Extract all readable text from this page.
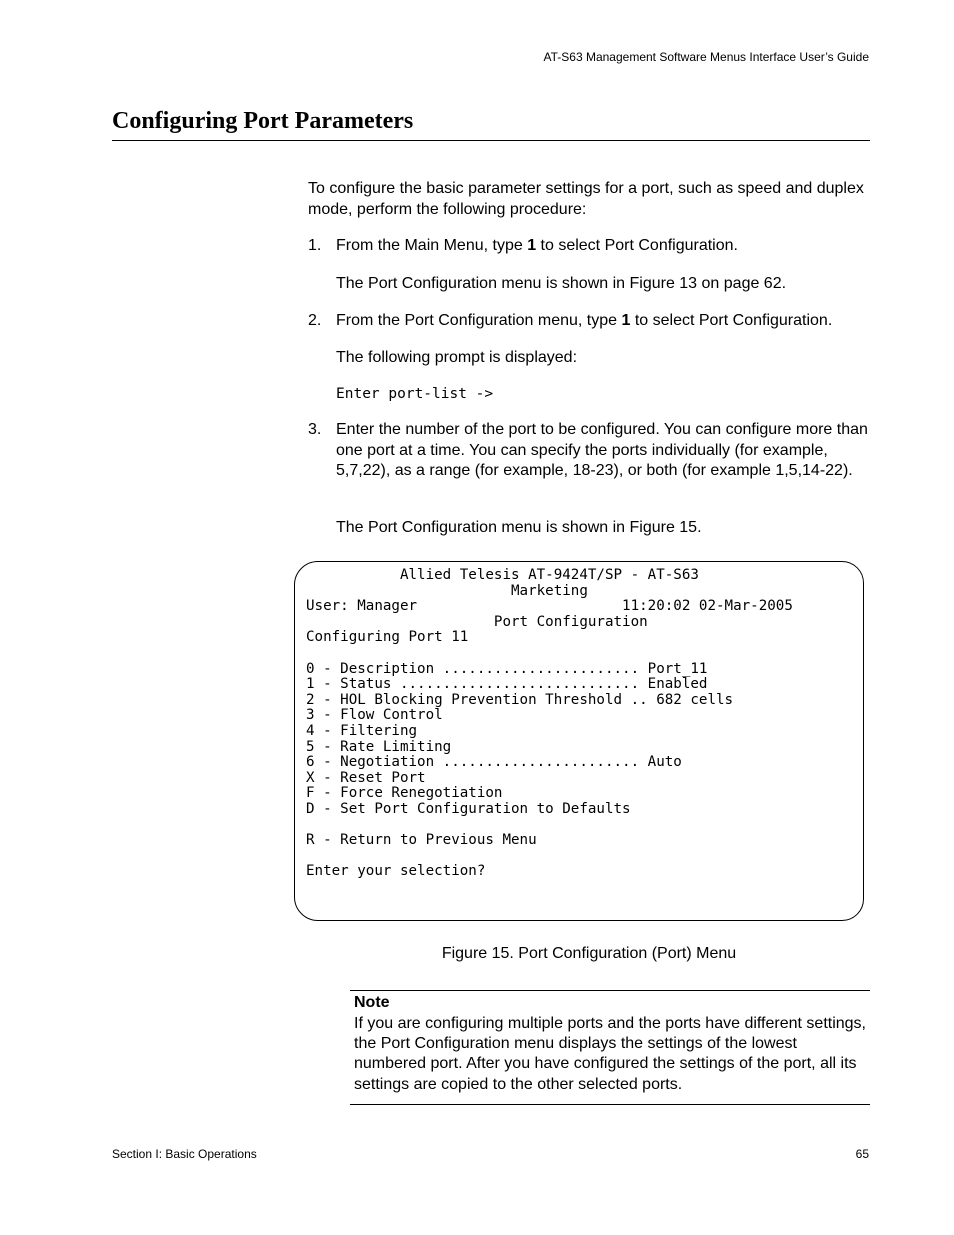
AT-S63 Management Software Menus Interface User’s Guide
Configuring Port Parameters

To configure the basic parameter settings for a port, such as speed and duplex mode, perform the following procedure:

1. From the Main Menu, type 1 to select Port Configuration.

The Port Configuration menu is shown in Figure 13 on page 62.

2. From the Port Configuration menu, type 1 to select Port Configuration.

The following prompt is displayed:

Enter port-list ->
3. Enter the number of the port to be configured. You can configure more than one port at a time. You can specify the ports individually (for example, 5,7,22), as a range (for example, 18-23), or both (for example 1,5,14-22).

The Port Configuration menu is shown in Figure 15.

Allied Telesis AT-9424T/SP - AT-S63
Marketing
User: Manager                        11:20:02 02-Mar-2005
Port Configuration
Configuring Port 11

0 - Description ....................... Port_11
1 - Status ............................ Enabled
2 - HOL Blocking Prevention Threshold .. 682 cells
3 - Flow Control
4 - Filtering
5 - Rate Limiting
6 - Negotiation ....................... Auto
X - Reset Port
F - Force Renegotiation
D - Set Port Configuration to Defaults

R - Return to Previous Menu

Enter your selection?

Figure 15. Port Configuration (Port) Menu
Note

If you are configuring multiple ports and the ports have different settings, the Port Configuration menu displays the settings of the lowest numbered port. After you have configured the settings of the port, all its settings are copied to the other selected ports.

Section I: Basic Operations	65
